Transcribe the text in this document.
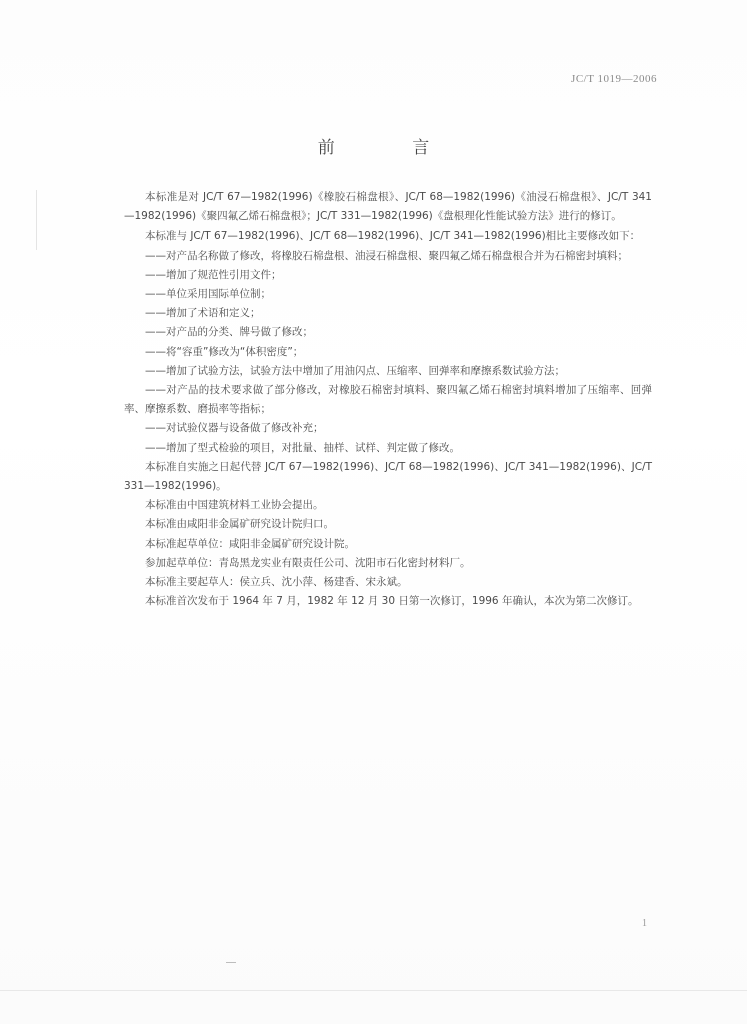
JC/T 1019—2006
前 言

本标准是对 JC/T 67—1982(1996)《橡胶石棉盘根》、JC/T 68—1982(1996)《油浸石棉盘根》、JC/T 341—1982(1996)《聚四氟乙烯石棉盘根》；JC/T 331—1982(1996)《盘根理化性能试验方法》进行的修订。

本标准与 JC/T 67—1982(1996)、JC/T 68—1982(1996)、JC/T 341—1982(1996)相比主要修改如下：

——对产品名称做了修改，将橡胶石棉盘根、油浸石棉盘根、聚四氟乙烯石棉盘根合并为石棉密封填料；

——增加了规范性引用文件；

——单位采用国际单位制；

——增加了术语和定义；

——对产品的分类、牌号做了修改；

——将“容重”修改为“体积密度”；

——增加了试验方法，试验方法中增加了用油闪点、压缩率、回弹率和摩擦系数试验方法；

——对产品的技术要求做了部分修改，对橡胶石棉密封填料、聚四氟乙烯石棉密封填料增加了压缩率、回弹率、摩擦系数、磨损率等指标；

——对试验仪器与设备做了修改补充；

——增加了型式检验的项目，对批量、抽样、试样、判定做了修改。

本标准自实施之日起代替 JC/T 67—1982(1996)、JC/T 68—1982(1996)、JC/T 341—1982(1996)、JC/T 331—1982(1996)。

本标准由中国建筑材料工业协会提出。

本标准由咸阳非金属矿研究设计院归口。

本标准起草单位：咸阳非金属矿研究设计院。

参加起草单位：青岛黑龙实业有限责任公司、沈阳市石化密封材料厂。

本标准主要起草人：侯立兵、沈小萍、杨建香、宋永斌。

本标准首次发布于 1964 年 7 月，1982 年 12 月 30 日第一次修订，1996 年确认，本次为第二次修订。

1
